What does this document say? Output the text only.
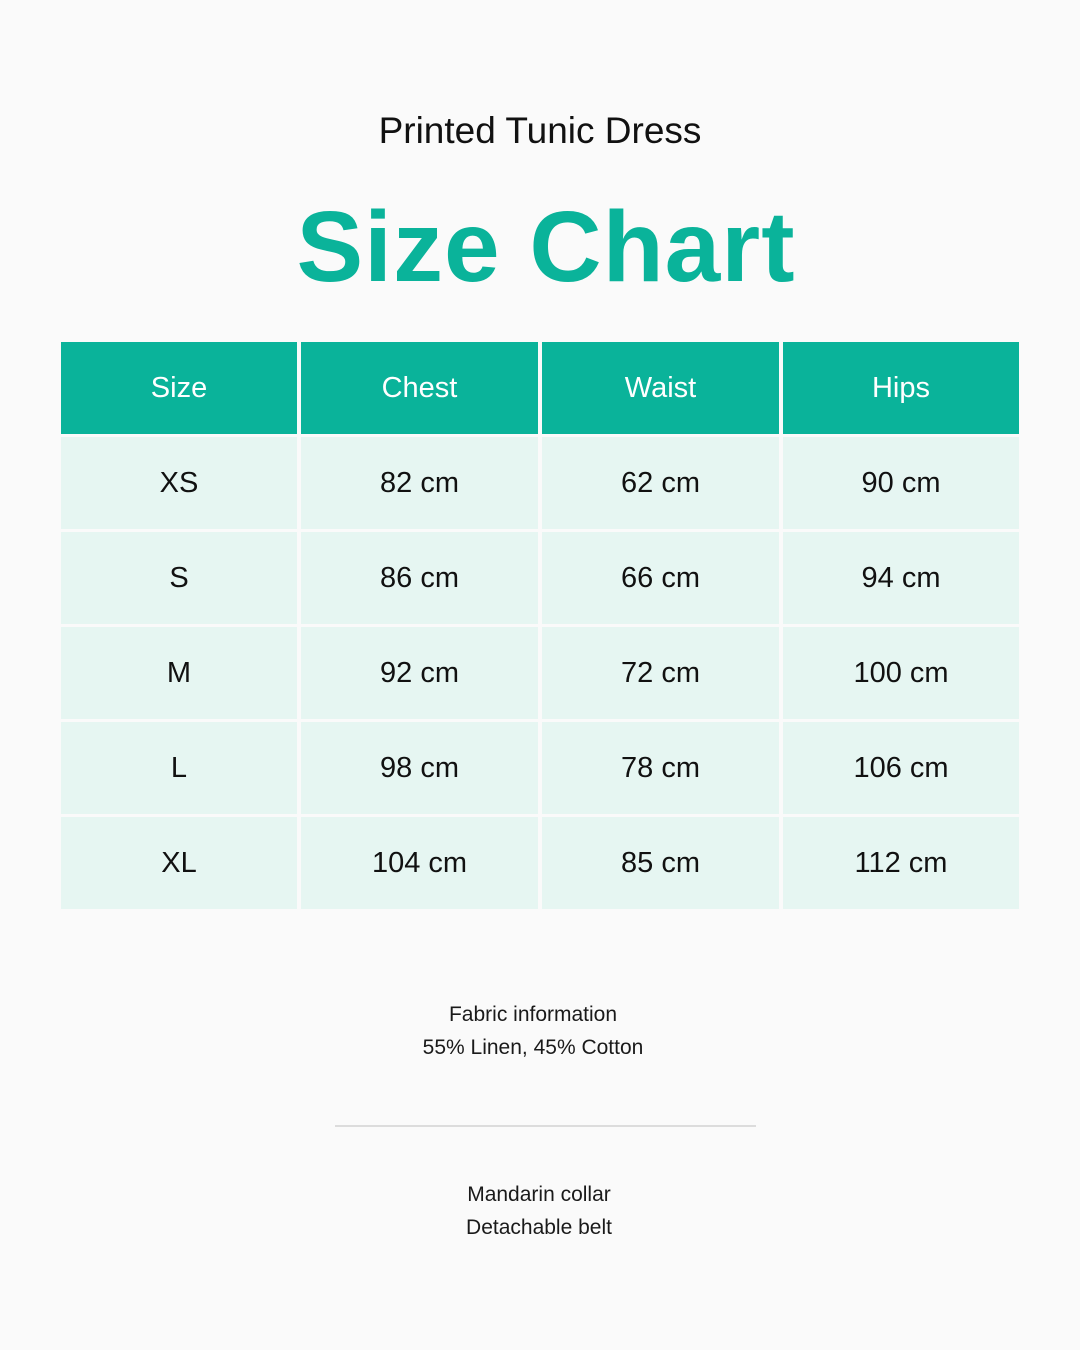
Printed Tunic Dress
Size Chart
Size	Chest	Waist	Hips
XS	82 cm	62 cm	90 cm
S	86 cm	66 cm	94 cm
M	92 cm	72 cm	100 cm
L	98 cm	78 cm	106 cm
XL	104 cm	85 cm	112 cm
Fabric information
55% Linen, 45% Cotton
Mandarin collar
Detachable belt
